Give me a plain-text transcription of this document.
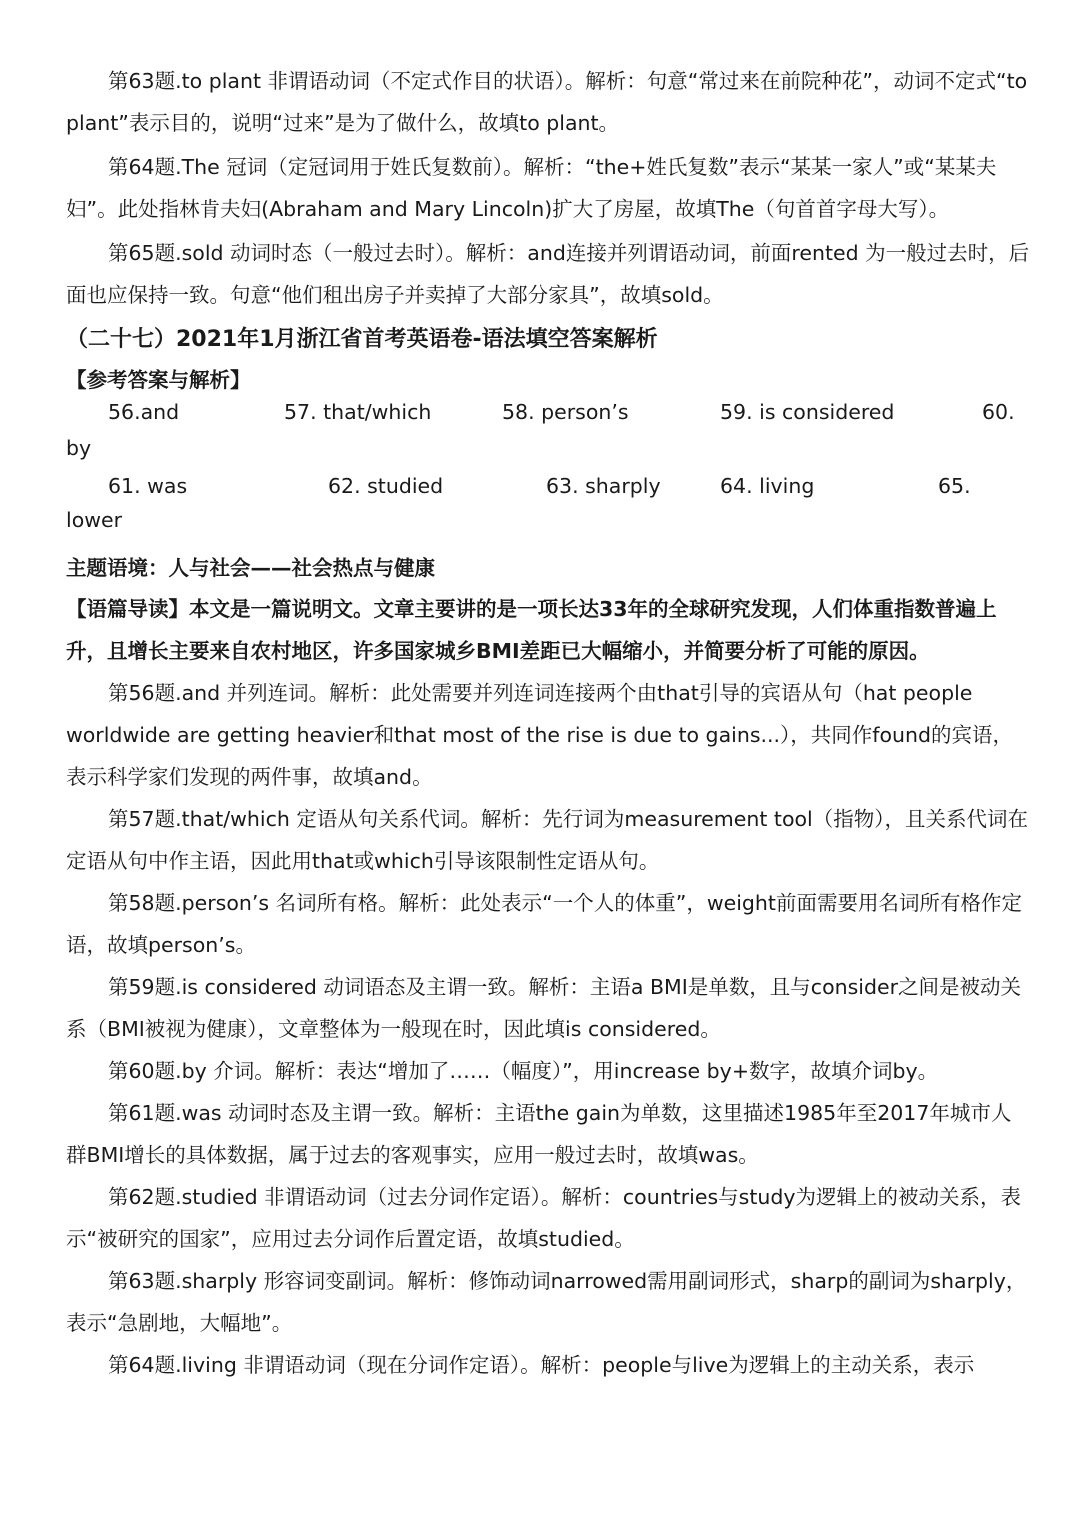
第63题.to plant 非谓语动词（不定式作目的状语）。解析：句意“常过来在前院种花”，动词不定式“to plant”表示目的，说明“过来”是为了做什么，故填to plant。

第64题.The 冠词（定冠词用于姓氏复数前）。解析：“the+姓氏复数”表示“某某一家人”或“某某夫妇”。此处指林肯夫妇(Abraham and Mary Lincoln)扩大了房屋，故填The（句首首字母大写）。

第65题.sold 动词时态（一般过去时）。解析：and连接并列谓语动词，前面rented 为一般过去时，后面也应保持一致。句意“他们租出房子并卖掉了大部分家具”，故填sold。

（二十七）2021年1月浙江省首考英语卷-语法填空答案解析
【参考答案与解析】
56.and	57. that/which	58. person’s	59. is considered	60.
by
61. was	62. studied	63. sharply	64. living	65.
lower
主题语境：人与社会——社会热点与健康

【语篇导读】本文是一篇说明文。文章主要讲的是一项长达33年的全球研究发现，人们体重指数普遍上升，且增长主要来自农村地区，许多国家城乡BMI差距已大幅缩小，并简要分析了可能的原因。

第56题.and 并列连词。解析：此处需要并列连词连接两个由that引导的宾语从句（hat people worldwide are getting heavier和that most of the rise is due to gains...），共同作found的宾语，表示科学家们发现的两件事，故填and。

第57题.that/which 定语从句关系代词。解析：先行词为measurement tool（指物），且关系代词在定语从句中作主语，因此用that或which引导该限制性定语从句。

第58题.person’s 名词所有格。解析：此处表示“一个人的体重”，weight前面需要用名词所有格作定语，故填person’s。

第59题.is considered 动词语态及主谓一致。解析：主语a BMI是单数，且与consider之间是被动关系（BMI被视为健康），文章整体为一般现在时，因此填is considered。

第60题.by 介词。解析：表达“增加了……（幅度）”，用increase by+数字，故填介词by。

第61题.was 动词时态及主谓一致。解析：主语the gain为单数，这里描述1985年至2017年城市人群BMI增长的具体数据，属于过去的客观事实，应用一般过去时，故填was。

第62题.studied 非谓语动词（过去分词作定语）。解析：countries与study为逻辑上的被动关系，表示“被研究的国家”，应用过去分词作后置定语，故填studied。

第63题.sharply 形容词变副词。解析：修饰动词narrowed需用副词形式，sharp的副词为sharply，表示“急剧地，大幅地”。

第64题.living 非谓语动词（现在分词作定语）。解析：people与live为逻辑上的主动关系，表示
